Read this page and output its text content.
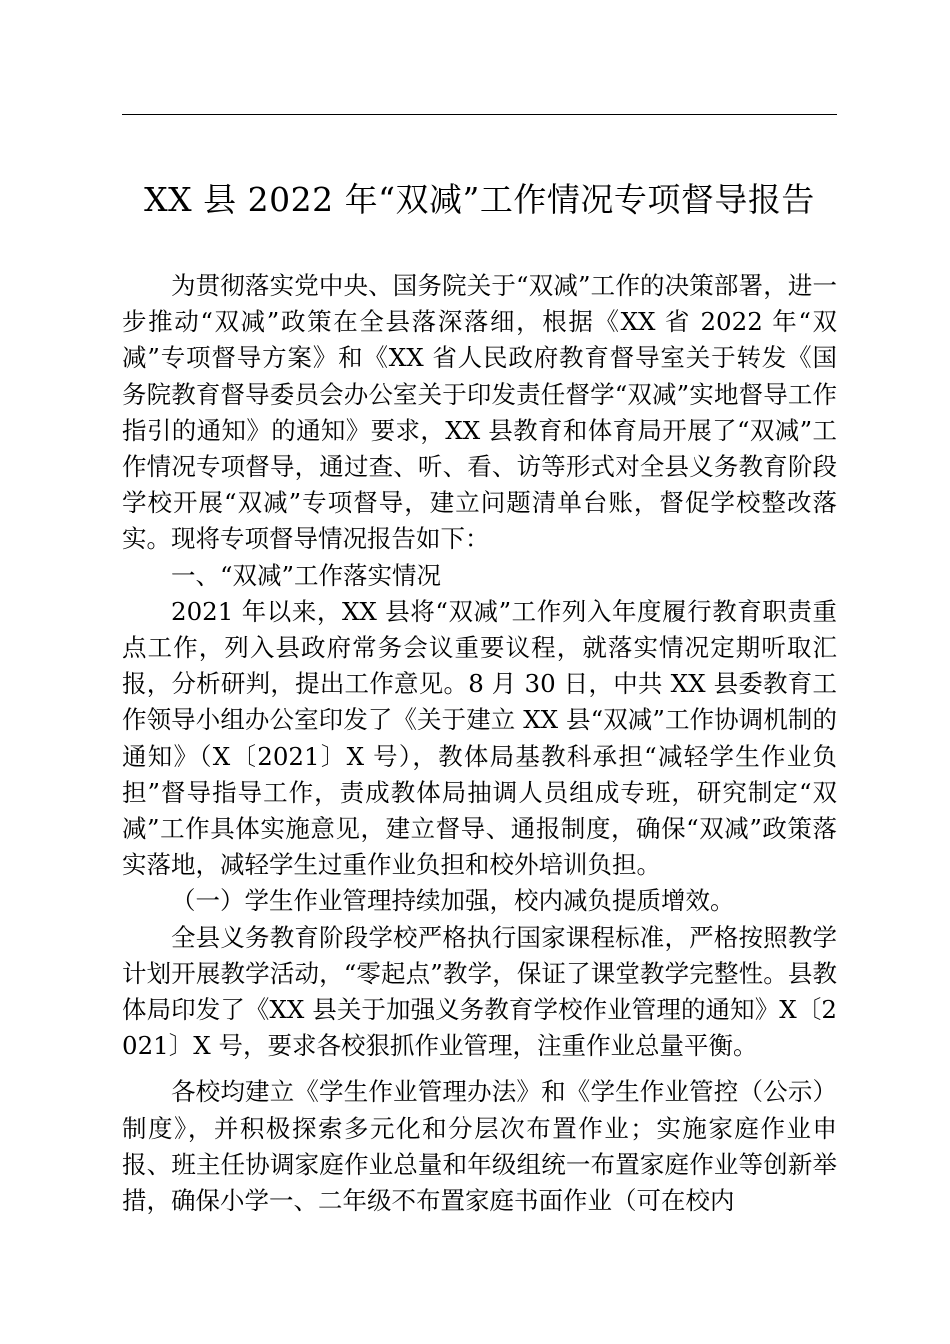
XX 县 2022 年“双减”工作情况专项督导报告

为贯彻落实党中央、国务院关于“双减”工作的决策部署，进一步推动“双减”政策在全县落深落细，根据《XX 省 2022 年“双减”专项督导方案》和《XX 省人民政府教育督导室关于转发《国务院教育督导委员会办公室关于印发责任督学“双减”实地督导工作指引的通知》的通知》要求，XX 县教育和体育局开展了“双减”工作情况专项督导，通过查、听、看、访等形式对全县义务教育阶段学校开展“双减”专项督导，建立问题清单台账，督促学校整改落实。现将专项督导情况报告如下：

一、“双减”工作落实情况

2021 年以来，XX 县将“双减”工作列入年度履行教育职责重点工作，列入县政府常务会议重要议程，就落实情况定期听取汇报，分析研判，提出工作意见。8 月 30 日，中共 XX 县委教育工作领导小组办公室印发了《关于建立 XX 县“双减”工作协调机制的通知》（X〔2021〕X 号），教体局基教科承担“减轻学生作业负担”督导指导工作，责成教体局抽调人员组成专班，研究制定“双减”工作具体实施意见，建立督导、通报制度，确保“双减”政策落实落地，减轻学生过重作业负担和校外培训负担。

（一）学生作业管理持续加强，校内减负提质增效。

全县义务教育阶段学校严格执行国家课程标准，严格按照教学计划开展教学活动，“零起点”教学，保证了课堂教学完整性。县教体局印发了《XX 县关于加强义务教育学校作业管理的通知》X〔2021〕X 号，要求各校狠抓作业管理，注重作业总量平衡。

各校均建立《学生作业管理办法》和《学生作业管控（公示）制度》，并积极探索多元化和分层次布置作业；实施家庭作业申报、班主任协调家庭作业总量和年级组统一布置家庭作业等创新举措，确保小学一、二年级不布置家庭书面作业（可在校内
